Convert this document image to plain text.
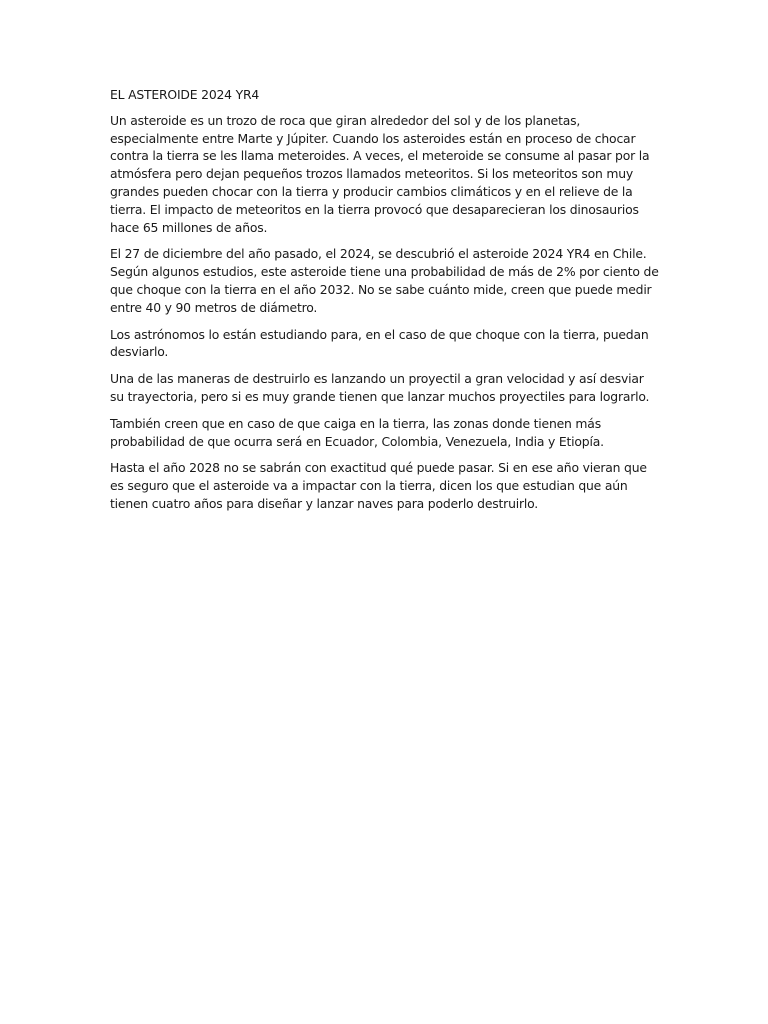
EL ASTEROIDE 2024 YR4

Un asteroide es un trozo de roca que giran alrededor del sol y de los planetas, especialmente entre Marte y Júpiter. Cuando los asteroides están en proceso de chocar contra la tierra se les llama meteroides. A veces, el meteroide se consume al pasar por la atmósfera pero dejan pequeños trozos llamados meteoritos. Si los meteoritos son muy grandes pueden chocar con la tierra y producir cambios climáticos y en el relieve de la tierra. El impacto de meteoritos en la tierra provocó que desaparecieran los dinosaurios hace 65 millones de años.

El 27 de diciembre del año pasado, el 2024, se descubrió el asteroide 2024 YR4 en Chile. Según algunos estudios, este asteroide tiene una probabilidad de más de 2% por ciento de que choque con la tierra en el año 2032. No se sabe cuánto mide, creen que puede medir entre 40 y 90 metros de diámetro.

Los astrónomos lo están estudiando para, en el caso de que choque con la tierra, puedan desviarlo.

Una de las maneras de destruirlo es lanzando un proyectil a gran velocidad y así desviar su trayectoria, pero si es muy grande tienen que lanzar muchos proyectiles para lograrlo.

También creen que en caso de que caiga en la tierra, las zonas donde tienen más probabilidad de que ocurra será en Ecuador, Colombia, Venezuela, India y Etiopía.

Hasta el año 2028 no se sabrán con exactitud qué puede pasar. Si en ese año vieran que es seguro que el asteroide va a impactar con la tierra, dicen los que estudian que aún tienen cuatro años para diseñar y lanzar naves para poderlo destruirlo.
